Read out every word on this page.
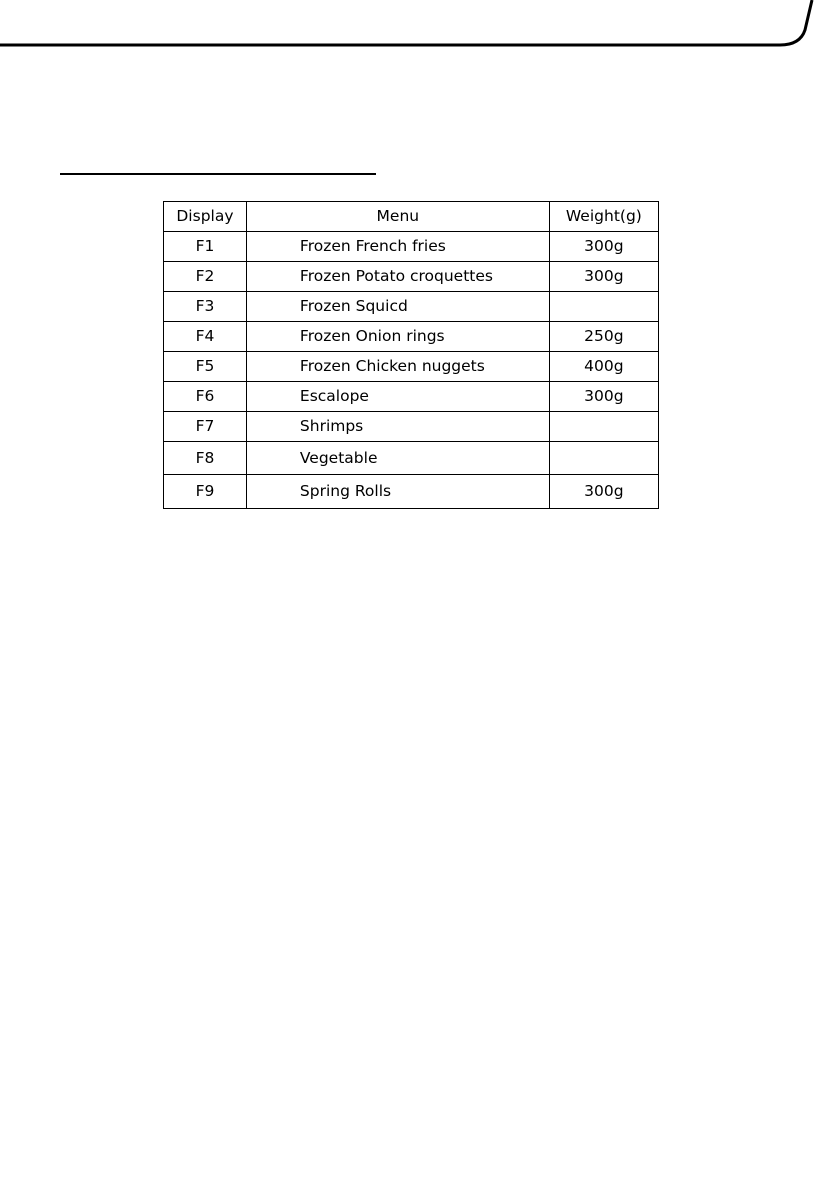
Display	Menu	Weight(g)
F1	Frozen French fries	300g
F2	Frozen Potato croquettes	300g
F3	Frozen Squicd	
F4	Frozen Onion rings	250g
F5	Frozen Chicken nuggets	400g
F6	Escalope	300g
F7	Shrimps	
F8	Vegetable	
F9	Spring Rolls	300g
